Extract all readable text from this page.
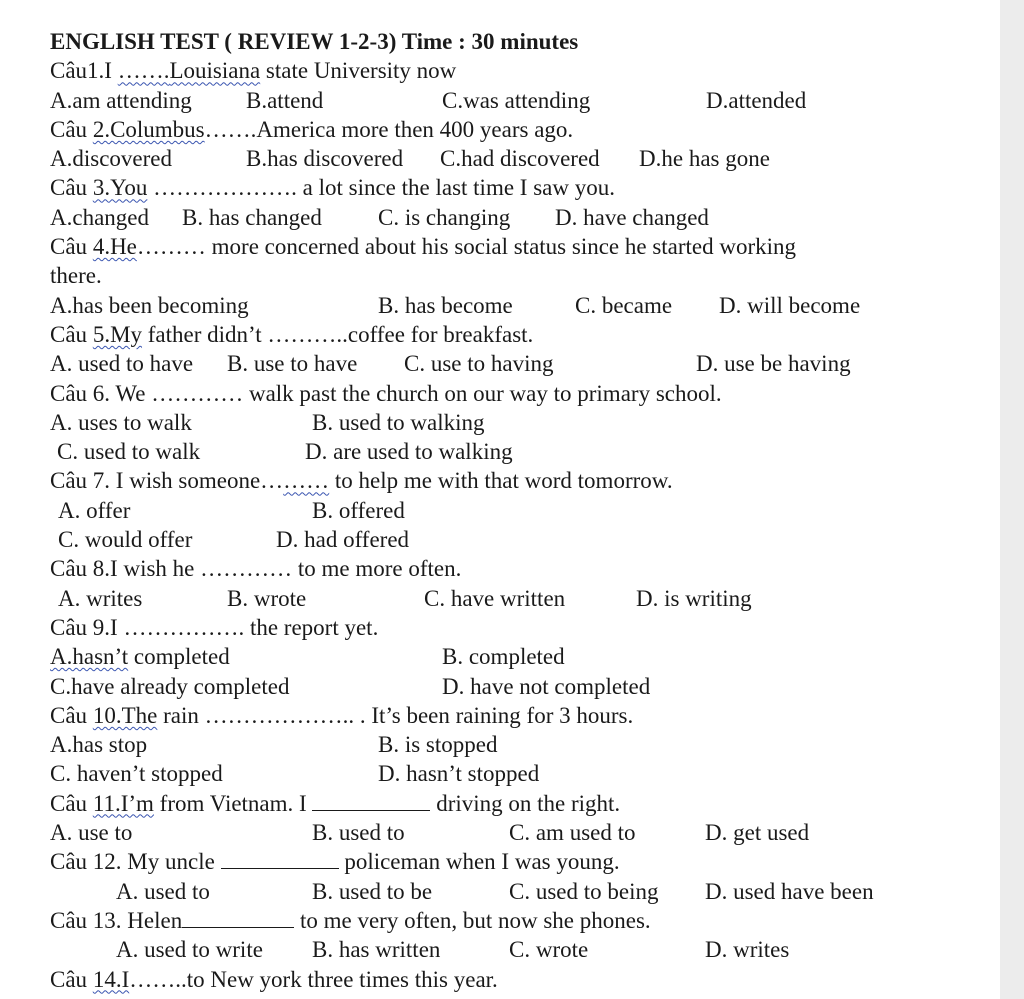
ENGLISH TEST ( REVIEW 1-2-3) Time : 30 minutes
Câu1.I …….Louisiana state University now
A.am attending B.attend	C.was attending	D.attended
Câu 2.Columbus…….America more then 400 years ago.
A.discovered	B.has discovered C.had discovered D.he has gone
Câu 3.You ………………. a lot since the last time I saw you.
A.changed B. has changed C. is changing D. have changed
Câu 4.He……… more concerned about his social status since he started working
there.
A.has been becoming	B. has become	C. became D. will become
Câu 5.My father didn’t ………..coffee for breakfast.
A. used to have B. use to have C. use to having	D. use be having
Câu 6. We ………… walk past the church on our way to primary school.
A. uses to walk	B. used to walking
C. used to walk	D. are used to walking
Câu 7. I wish someone……… to help me with that word tomorrow.
A. offer	B. offered
C. would offer	D. had offered
Câu 8.I wish he ………… to me more often.
A. writes	B. wrote	C. have written	D. is writing
Câu 9.I ……………. the report yet.
A.hasn’t completed	B. completed
C.have already completed	D. have not completed
Câu 10.The rain ……………….. . It’s been raining for 3 hours.
A.has stop	B. is stopped
C. haven’t stopped	D. hasn’t stopped
Câu 11.I’m from Vietnam. I	driving on the right.
A. use to	B. used to	C. am used to	D. get used
Câu 12. My uncle	policeman when I was young.
A. used to	B. used to be	C. used to being D. used have been
Câu 13. Helen	to me very often, but now she phones.
A. used to write B. has written	C. wrote	D. writes
Câu 14.I……..to New york three times this year.
